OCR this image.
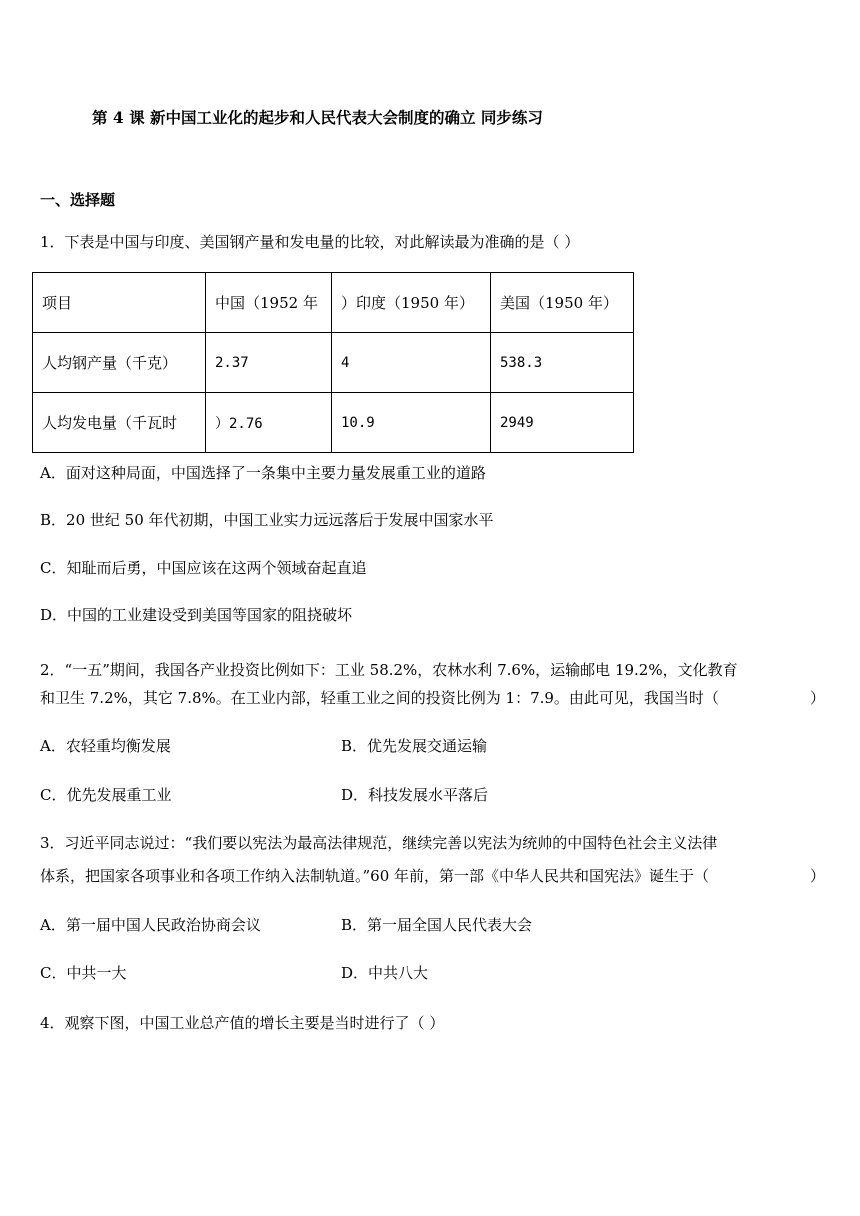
第 4 课 新中国工业化的起步和人民代表大会制度的确立 同步练习
一、选择题
1．下表是中国与印度、美国钢产量和发电量的比较，对此解读最为准确的是（ ）
项目	中国（1952 年	）印度（1950 年）	美国（1950 年）
人均钢产量（千克）	2.37	4	538.3
人均发电量（千瓦时	）2.76	10.9	2949
A．面对这种局面，中国选择了一条集中主要力量发展重工业的道路
B．20 世纪 50 年代初期，中国工业实力远远落后于发展中国家水平
C．知耻而后勇，中国应该在这两个领域奋起直追
D．中国的工业建设受到美国等国家的阻挠破坏
2．“一五”期间，我国各产业投资比例如下：工业 58.2%，农林水利 7.6%，运输邮电 19.2%，文化教育
和卫生 7.2%，其它 7.8%。在工业内部，轻重工业之间的投资比例为 1：7.9。由此可见，我国当时（	）
A．农轻重均衡发展	B．优先发展交通运输
C．优先发展重工业	D．科技发展水平落后
3．习近平同志说过：“我们要以宪法为最高法律规范，继续完善以宪法为统帅的中国特色社会主义法律
体系，把国家各项事业和各项工作纳入法制轨道。”60 年前，第一部《中华人民共和国宪法》诞生于（	）
A．第一届中国人民政治协商会议	B．第一届全国人民代表大会
C．中共一大	D．中共八大
4．观察下图，中国工业总产值的增长主要是当时进行了（ ）
